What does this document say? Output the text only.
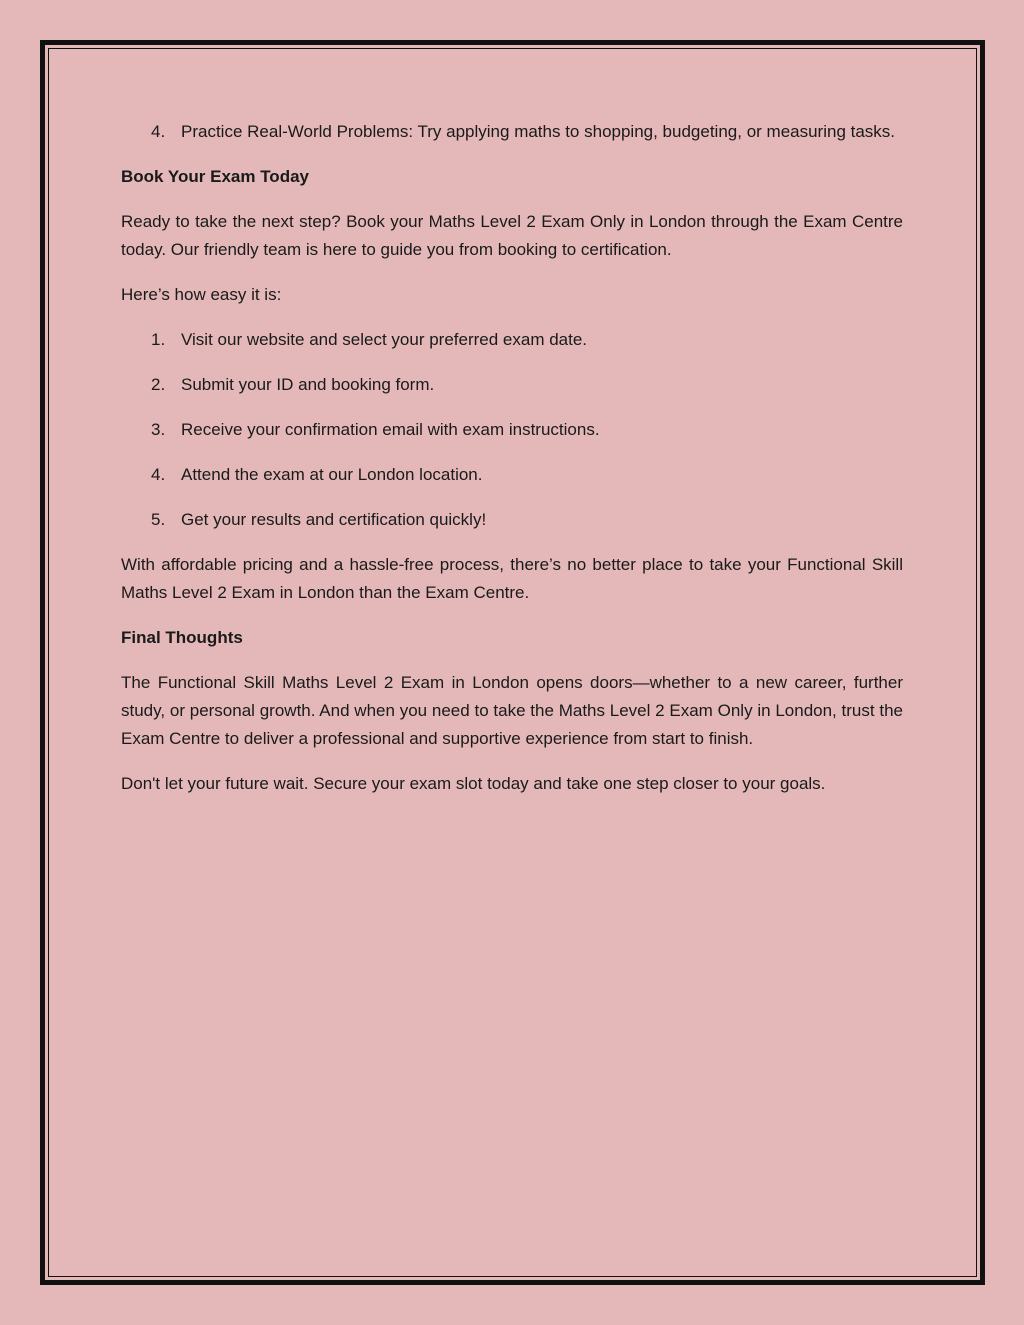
4. Practice Real-World Problems: Try applying maths to shopping, budgeting, or measuring tasks.
Book Your Exam Today

Ready to take the next step? Book your Maths Level 2 Exam Only in London through the Exam Centre today. Our friendly team is here to guide you from booking to certification.

Here’s how easy it is:

1. Visit our website and select your preferred exam date.
2. Submit your ID and booking form.
3. Receive your confirmation email with exam instructions.
4. Attend the exam at our London location.
5. Get your results and certification quickly!

With affordable pricing and a hassle-free process, there’s no better place to take your Functional Skill Maths Level 2 Exam in London than the Exam Centre.

Final Thoughts

The Functional Skill Maths Level 2 Exam in London opens doors—whether to a new career, further study, or personal growth. And when you need to take the Maths Level 2 Exam Only in London, trust the Exam Centre to deliver a professional and supportive experience from start to finish.

Don't let your future wait. Secure your exam slot today and take one step closer to your goals.
